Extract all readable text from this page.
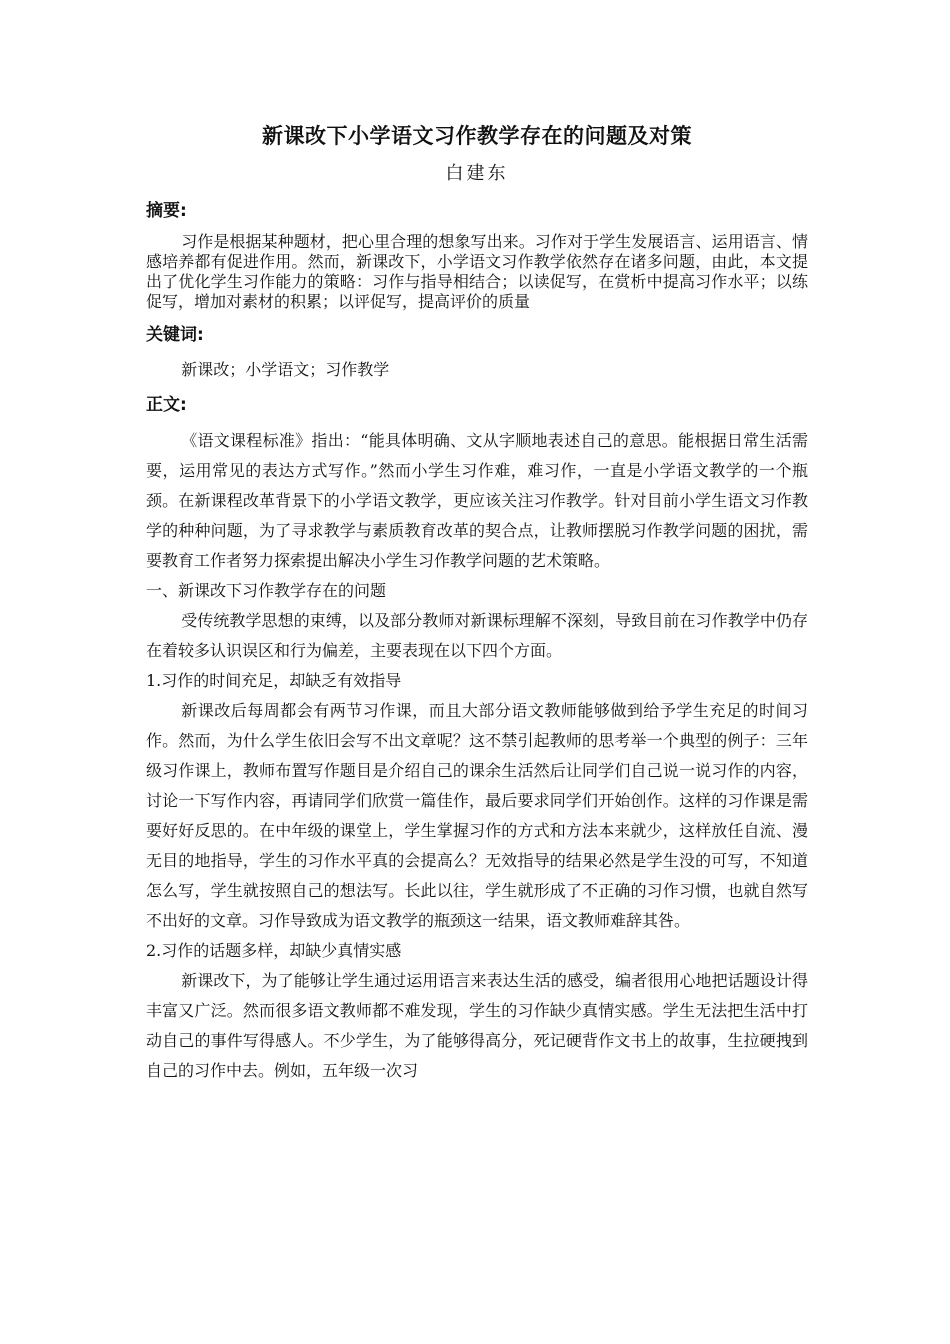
新课改下小学语文习作教学存在的问题及对策
白建东
摘要:

习作是根据某种题材，把心里合理的想象写出来。习作对于学生发展语言、运用语言、情感培养都有促进作用。然而，新课改下，小学语文习作教学依然存在诸多问题，由此，本文提出了优化学生习作能力的策略：习作与指导相结合；以读促写，在赏析中提高习作水平；以练促写，增加对素材的积累；以评促写，提高评价的质量

关键词:

新课改；小学语文；习作教学

正文:

《语文课程标准》指出：“能具体明确、文从字顺地表述自己的意思。能根据日常生活需要，运用常见的表达方式写作。”然而小学生习作难，难习作，一直是小学语文教学的一个瓶颈。在新课程改革背景下的小学语文教学，更应该关注习作教学。针对目前小学生语文习作教学的种种问题，为了寻求教学与素质教育改革的契合点，让教师摆脱习作教学问题的困扰，需要教育工作者努力探索提出解决小学生习作教学问题的艺术策略。

一、新课改下习作教学存在的问题

受传统教学思想的束缚，以及部分教师对新课标理解不深刻，导致目前在习作教学中仍存在着较多认识误区和行为偏差，主要表现在以下四个方面。

1.习作的时间充足，却缺乏有效指导

新课改后每周都会有两节习作课，而且大部分语文教师能够做到给予学生充足的时间习作。然而，为什么学生依旧会写不出文章呢？这不禁引起教师的思考举一个典型的例子：三年级习作课上，教师布置写作题目是介绍自己的课余生活然后让同学们自己说一说习作的内容，讨论一下写作内容，再请同学们欣赏一篇佳作，最后要求同学们开始创作。这样的习作课是需要好好反思的。在中年级的课堂上，学生掌握习作的方式和方法本来就少，这样放任自流、漫无目的地指导，学生的习作水平真的会提高么？无效指导的结果必然是学生没的可写，不知道怎么写，学生就按照自己的想法写。长此以往，学生就形成了不正确的习作习惯，也就自然写不出好的文章。习作导致成为语文教学的瓶颈这一结果，语文教师难辞其咎。

2.习作的话题多样，却缺少真情实感

新课改下，为了能够让学生通过运用语言来表达生活的感受，编者很用心地把话题设计得丰富又广泛。然而很多语文教师都不难发现，学生的习作缺少真情实感。学生无法把生活中打动自己的事件写得感人。不少学生，为了能够得高分，死记硬背作文书上的故事，生拉硬拽到自己的习作中去。例如，五年级一次习
